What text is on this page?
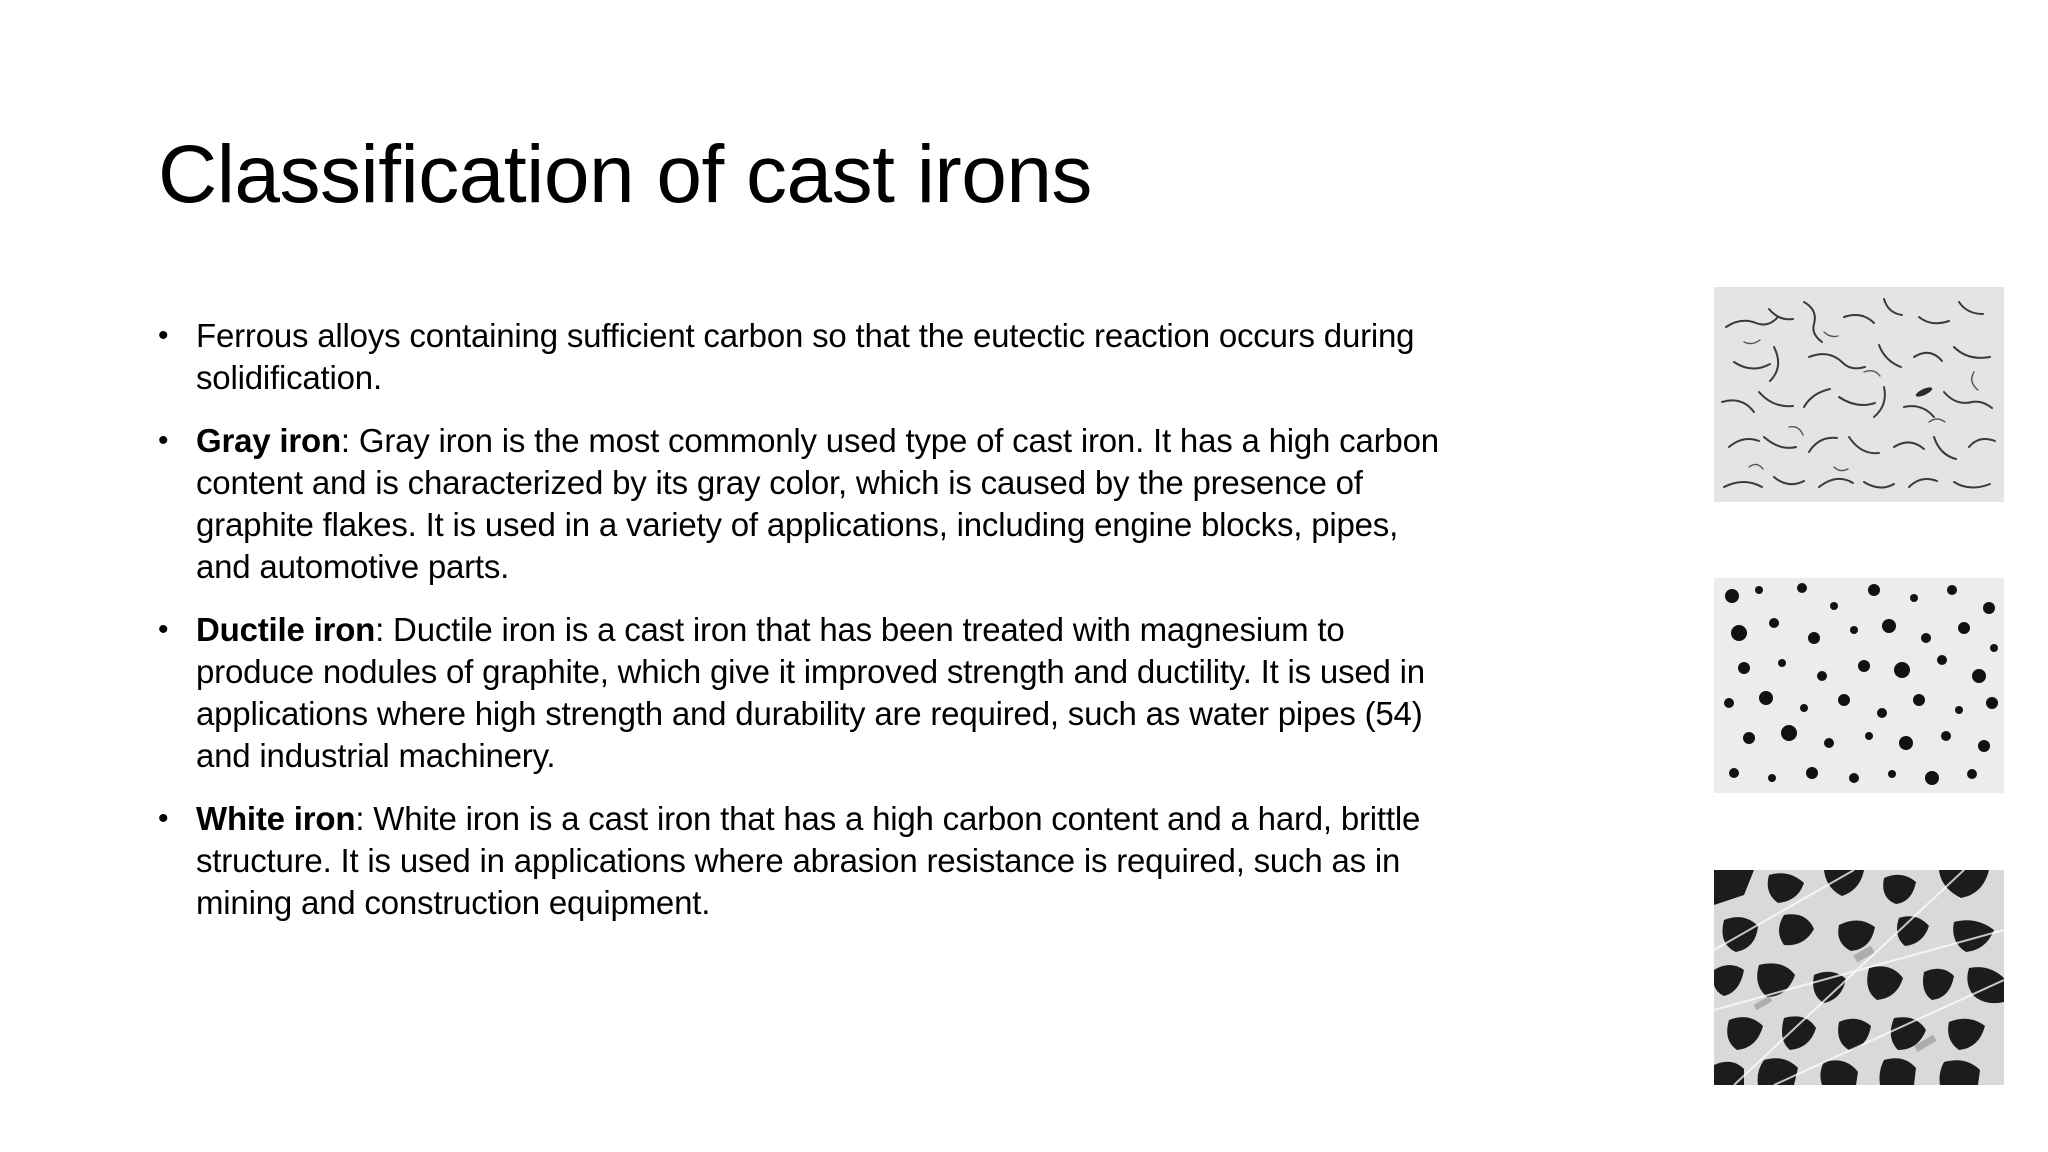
Classification of cast irons
• Ferrous alloys containing sufficient carbon so that the eutectic reaction occurs during solidification.
• Gray iron: Gray iron is the most commonly used type of cast iron. It has a high carbon content and is characterized by its gray color, which is caused by the presence of graphite flakes. It is used in a variety of applications, including engine blocks, pipes, and automotive parts.
• Ductile iron: Ductile iron is a cast iron that has been treated with magnesium to produce nodules of graphite, which give it improved strength and ductility. It is used in applications where high strength and durability are required, such as water pipes (54) and industrial machinery.
• White iron: White iron is a cast iron that has a high carbon content and a hard, brittle structure. It is used in applications where abrasion resistance is required, such as in mining and construction equipment.
